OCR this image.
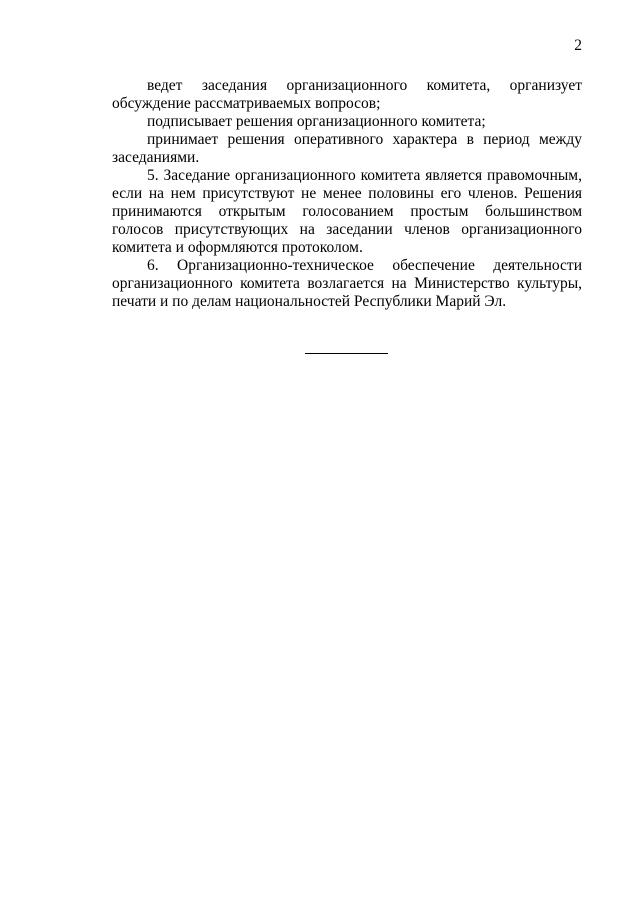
2

ведет заседания организационного комитета, организует обсуждение рассматриваемых вопросов;

подписывает решения организационного комитета;

принимает решения оперативного характера в период между заседаниями.

5. Заседание организационного комитета является правомочным, если на нем присутствуют не менее половины его членов. Решения принимаются открытым голосованием простым большинством голосов присутствующих на заседании членов организационного комитета и оформляются протоколом.

6. Организационно-техническое обеспечение деятельности организационного комитета возлагается на Министерство культуры, печати и по делам национальностей Республики Марий Эл.
